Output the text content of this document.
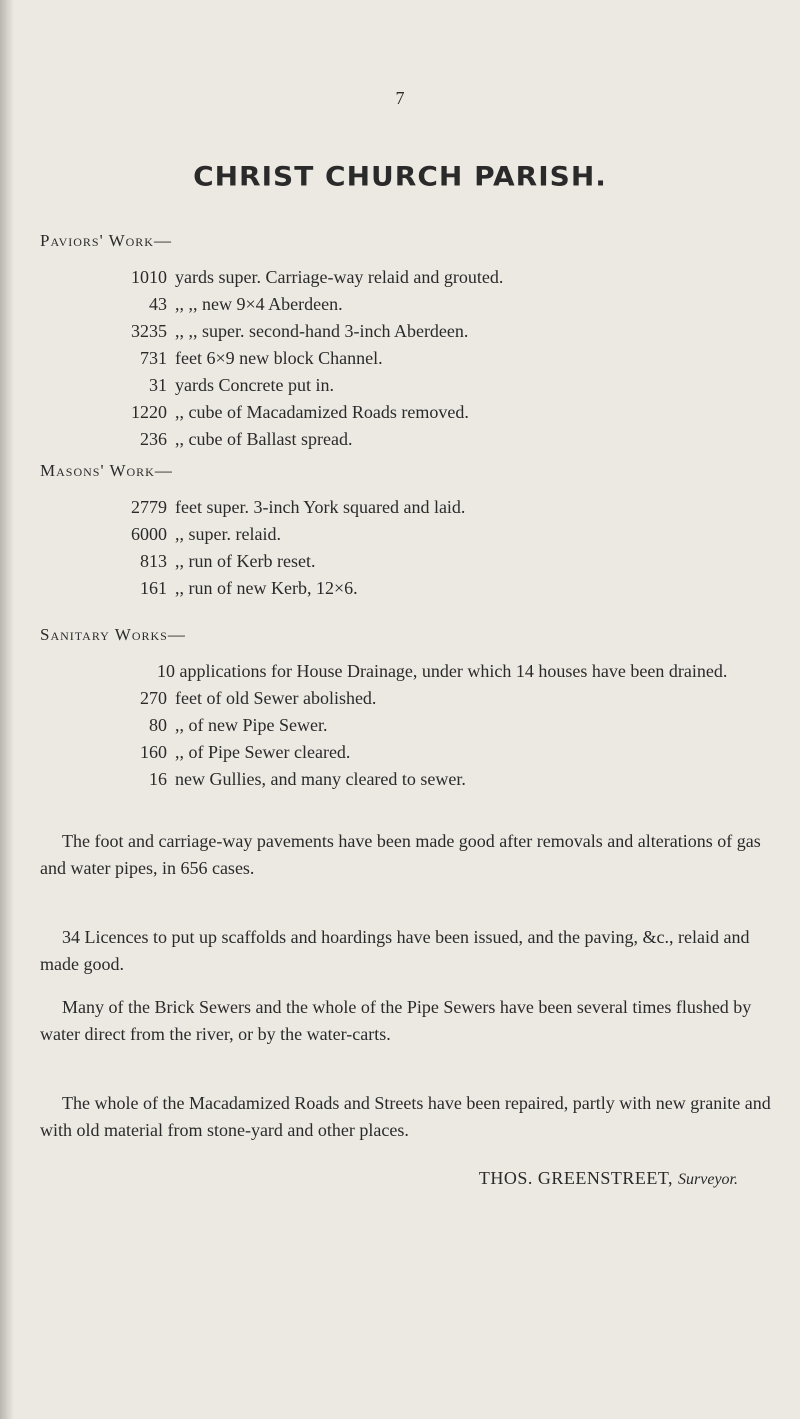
7
CHRIST CHURCH PARISH.
Paviors' Work—
1010 yards super. Carriage-way relaid and grouted.
43 ,, ,, new 9×4 Aberdeen.
3235 ,, ,, super. second-hand 3-inch Aberdeen.
731 feet 6×9 new block Channel.
31 yards Concrete put in.
1220 ,, cube of Macadamized Roads removed.
236 ,, cube of Ballast spread.
Masons' Work—
2779 feet super. 3-inch York squared and laid.
6000 ,, super. relaid.
813 ,, run of Kerb reset.
161 ,, run of new Kerb, 12×6.
Sanitary Works—
10 applications for House Drainage, under which 14 houses have been drained.
270 feet of old Sewer abolished.
80 ,, of new Pipe Sewer.
160 ,, of Pipe Sewer cleared.
16 new Gullies, and many cleared to sewer.

The foot and carriage-way pavements have been made good after removals and alterations of gas and water pipes, in 656 cases.

34 Licences to put up scaffolds and hoardings have been issued, and the paving, &c., relaid and made good.

Many of the Brick Sewers and the whole of the Pipe Sewers have been several times flushed by water direct from the river, or by the water-carts.

The whole of the Macadamized Roads and Streets have been repaired, partly with new granite and with old material from stone-yard and other places.

THOS. GREENSTREET, Surveyor.
